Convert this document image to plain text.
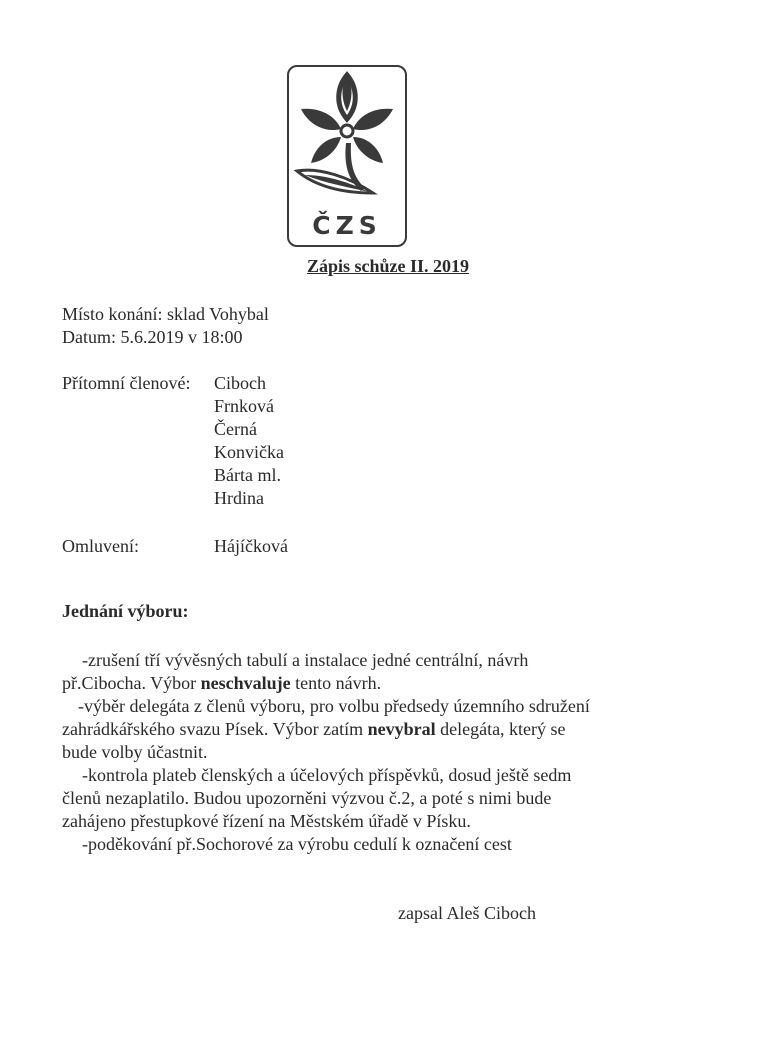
ČZS
Zápis schůze II. 2019
Místo konání: sklad Vohybal
Datum: 5.6.2019 v 18:00
Přítomní členové: Ciboch
Frnková
Černá
Konvička
Bárta ml.
Hrdina
Omluvení:	Hájíčková
Jednání výboru:
-zrušení tří vývěsných tabulí a instalace jedné centrální, návrh
př.Cibocha. Výbor neschvaluje tento návrh.
-výběr delegáta z členů výboru, pro volbu předsedy územního sdružení
zahrádkářského svazu Písek. Výbor zatím nevybral delegáta, který se
bude volby účastnit.
-kontrola plateb členských a účelových příspěvků, dosud ještě sedm
členů nezaplatilo. Budou upozorněni výzvou č.2, a poté s nimi bude
zahájeno přestupkové řízení na Městském úřadě v Písku.
-poděkování př.Sochorové za výrobu cedulí k označení cest
zapsal Aleš Ciboch
